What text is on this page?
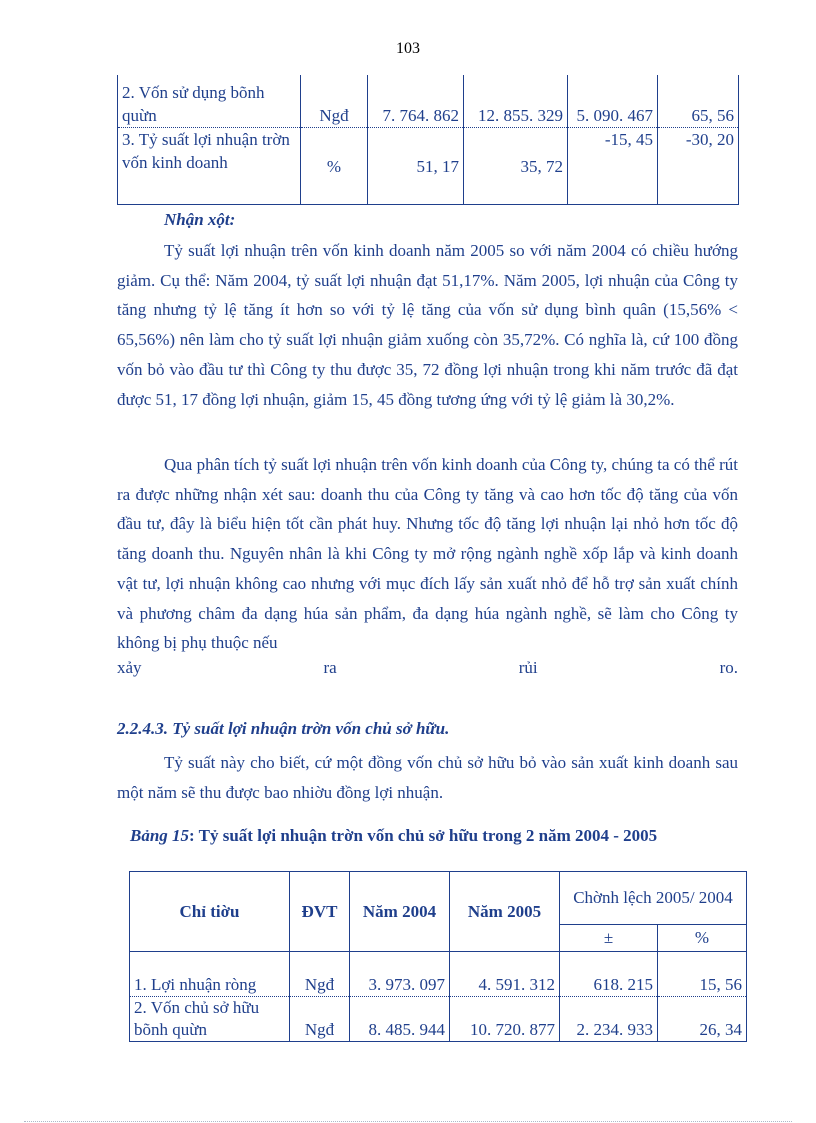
103
2. Vốn sử dụng bõnh quừn	Ngđ	7. 764. 862	12. 855. 329	5. 090. 467	65, 56
3. Tỷ suất lợi nhuận trờn vốn kinh doanh	%	51, 17	35, 72	-15, 45	-30, 20
Nhận xột:

Tỷ suất lợi nhuận trên vốn kinh doanh năm 2005 so với năm 2004 có chiều hướng giảm. Cụ thể: Năm 2004, tỷ suất lợi nhuận đạt 51,17%. Năm 2005, lợi nhuận của Công ty tăng nhưng tỷ lệ tăng ít hơn so với tỷ lệ tăng của vốn sử dụng bình quân (15,56% < 65,56%) nên làm cho tỷ suất lợi nhuận giảm xuống còn 35,72%. Có nghĩa là, cứ 100 đồng vốn bỏ vào đầu tư thì Công ty thu được 35, 72 đồng lợi nhuận trong khi năm trước đã đạt được 51, 17 đồng lợi nhuận, giảm 15, 45 đồng tương ứng với tỷ lệ giảm là 30,2%.

Qua phân tích tỷ suất lợi nhuận trên vốn kinh doanh của Công ty, chúng ta có thể rút ra được những nhận xét sau: doanh thu của Công ty tăng và cao hơn tốc độ tăng của vốn đầu tư, đây là biểu hiện tốt cần phát huy. Nhưng tốc độ tăng lợi nhuận lại nhỏ hơn tốc độ tăng doanh thu. Nguyên nhân là khi Công ty mở rộng ngành nghề xốp lắp và kinh doanh vật tư, lợi nhuận không cao nhưng với mục đích lấy sản xuất nhỏ để hỗ trợ sản xuất chính và phương châm đa dạng húa sản phẩm, đa dạng húa ngành nghề, sẽ làm cho Công ty không bị phụ thuộc nếu

xảy	ra	rủi	ro.
2.2.4.3. Tỷ suất lợi nhuận trờn vốn chủ sở hữu.

Tỷ suất này cho biết, cứ một đồng vốn chủ sở hữu bỏ vào sản xuất kinh doanh sau một năm sẽ thu được bao nhiờu đồng lợi nhuận.

Bảng 15: Tỷ suất lợi nhuận trờn vốn chủ sở hữu trong 2 năm 2004 - 2005
Chỉ tiờu	ĐVT	Năm 2004	Năm 2005	Chờnh lệch 2005/ 2004	
				±	%
1. Lợi nhuận ròng	Ngđ	3. 973. 097	4. 591. 312	618. 215	15, 56
2. Vốn chủ sở hữu bõnh quừn	Ngđ	8. 485. 944	10. 720. 877	2. 234. 933	26, 34
